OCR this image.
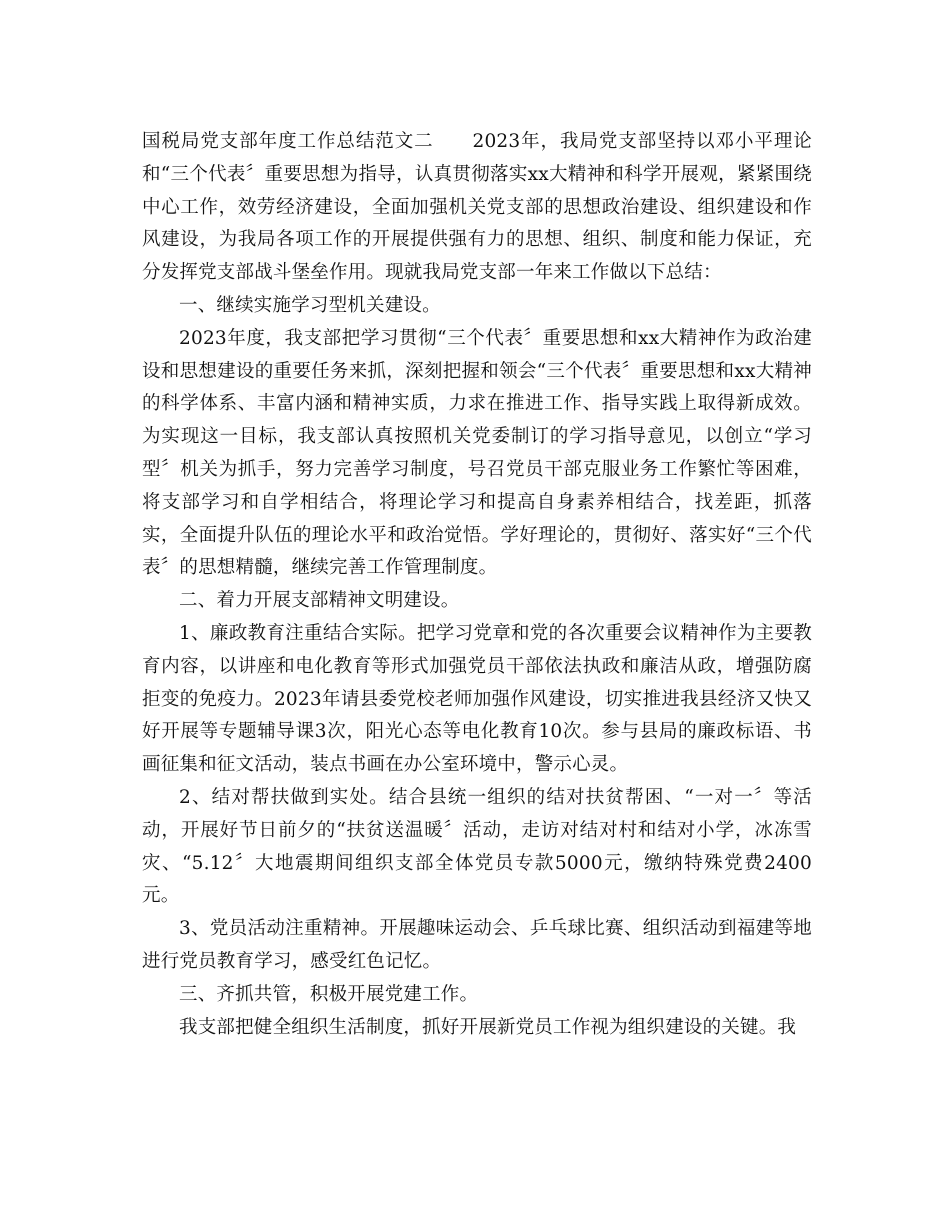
国税局党支部年度工作总结范文二　　2023年，我局党支部坚持以邓小平理论和“三个代表〞重要思想为指导，认真贯彻落实xx大精神和科学开展观，紧紧围绕中心工作，效劳经济建设，全面加强机关党支部的思想政治建设、组织建设和作风建设，为我局各项工作的开展提供强有力的思想、组织、制度和能力保证，充分发挥党支部战斗堡垒作用。现就我局党支部一年来工作做以下总结：

一、继续实施学习型机关建设。

2023年度，我支部把学习贯彻“三个代表〞重要思想和xx大精神作为政治建设和思想建设的重要任务来抓，深刻把握和领会“三个代表〞重要思想和xx大精神的科学体系、丰富内涵和精神实质，力求在推进工作、指导实践上取得新成效。为实现这一目标，我支部认真按照机关党委制订的学习指导意见，以创立“学习型〞机关为抓手，努力完善学习制度，号召党员干部克服业务工作繁忙等困难，将支部学习和自学相结合，将理论学习和提高自身素养相结合，找差距，抓落实，全面提升队伍的理论水平和政治觉悟。学好理论的，贯彻好、落实好“三个代表〞的思想精髓，继续完善工作管理制度。

二、着力开展支部精神文明建设。

1、廉政教育注重结合实际。把学习党章和党的各次重要会议精神作为主要教育内容，以讲座和电化教育等形式加强党员干部依法执政和廉洁从政，增强防腐拒变的免疫力。2023年请县委党校老师加强作风建设，切实推进我县经济又快又好开展等专题辅导课3次，阳光心态等电化教育10次。参与县局的廉政标语、书画征集和征文活动，装点书画在办公室环境中，警示心灵。

2、结对帮扶做到实处。结合县统一组织的结对扶贫帮困、“一对一〞等活动，开展好节日前夕的“扶贫送温暖〞活动，走访对结对村和结对小学，冰冻雪灾、“5.12〞大地震期间组织支部全体党员专款5000元，缴纳特殊党费2400元。

3、党员活动注重精神。开展趣味运动会、乒乓球比赛、组织活动到福建等地进行党员教育学习，感受红色记忆。

三、齐抓共管，积极开展党建工作。

我支部把健全组织生活制度，抓好开展新党员工作视为组织建设的关键。我
